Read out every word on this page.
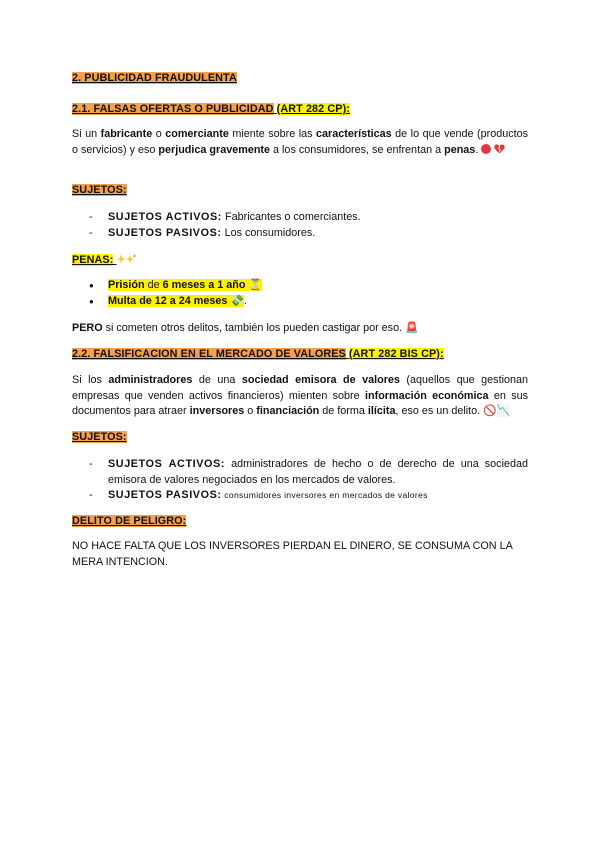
2. PUBLICIDAD FRAUDULENTA
2.1. FALSAS OFERTAS O PUBLICIDAD (ART 282 CP):
Si un fabricante o comerciante miente sobre las características de lo que vende (productos o servicios) y eso perjudica gravemente a los consumidores, se enfrentan a penas.
SUJETOS:
- SUJETOS ACTIVOS: Fabricantes o comerciantes.
- SUJETOS PASIVOS: Los consumidores.
PENAS:
● Prisión de 6 meses a 1 año ⏳
● Multa de 12 a 24 meses 💸.
PERO si cometen otros delitos, también los pueden castigar por eso. 🚨
2.2. FALSIFICACION EN EL MERCADO DE VALORES (ART 282 BIS CP):
Si los administradores de una sociedad emisora de valores (aquellos que gestionan empresas que venden activos financieros) mienten sobre información económica en sus documentos para atraer inversores o financiación de forma ilícita, eso es un delito. 🚫📉
SUJETOS:
- SUJETOS ACTIVOS: administradores de hecho o de derecho de una sociedad emisora de valores negociados en los mercados de valores.
- SUJETOS PASIVOS: consumidores inversores en mercados de valores
DELITO DE PELIGRO:
NO HACE FALTA QUE LOS INVERSORES PIERDAN EL DINERO, SE CONSUMA CON LA MERA INTENCION.
